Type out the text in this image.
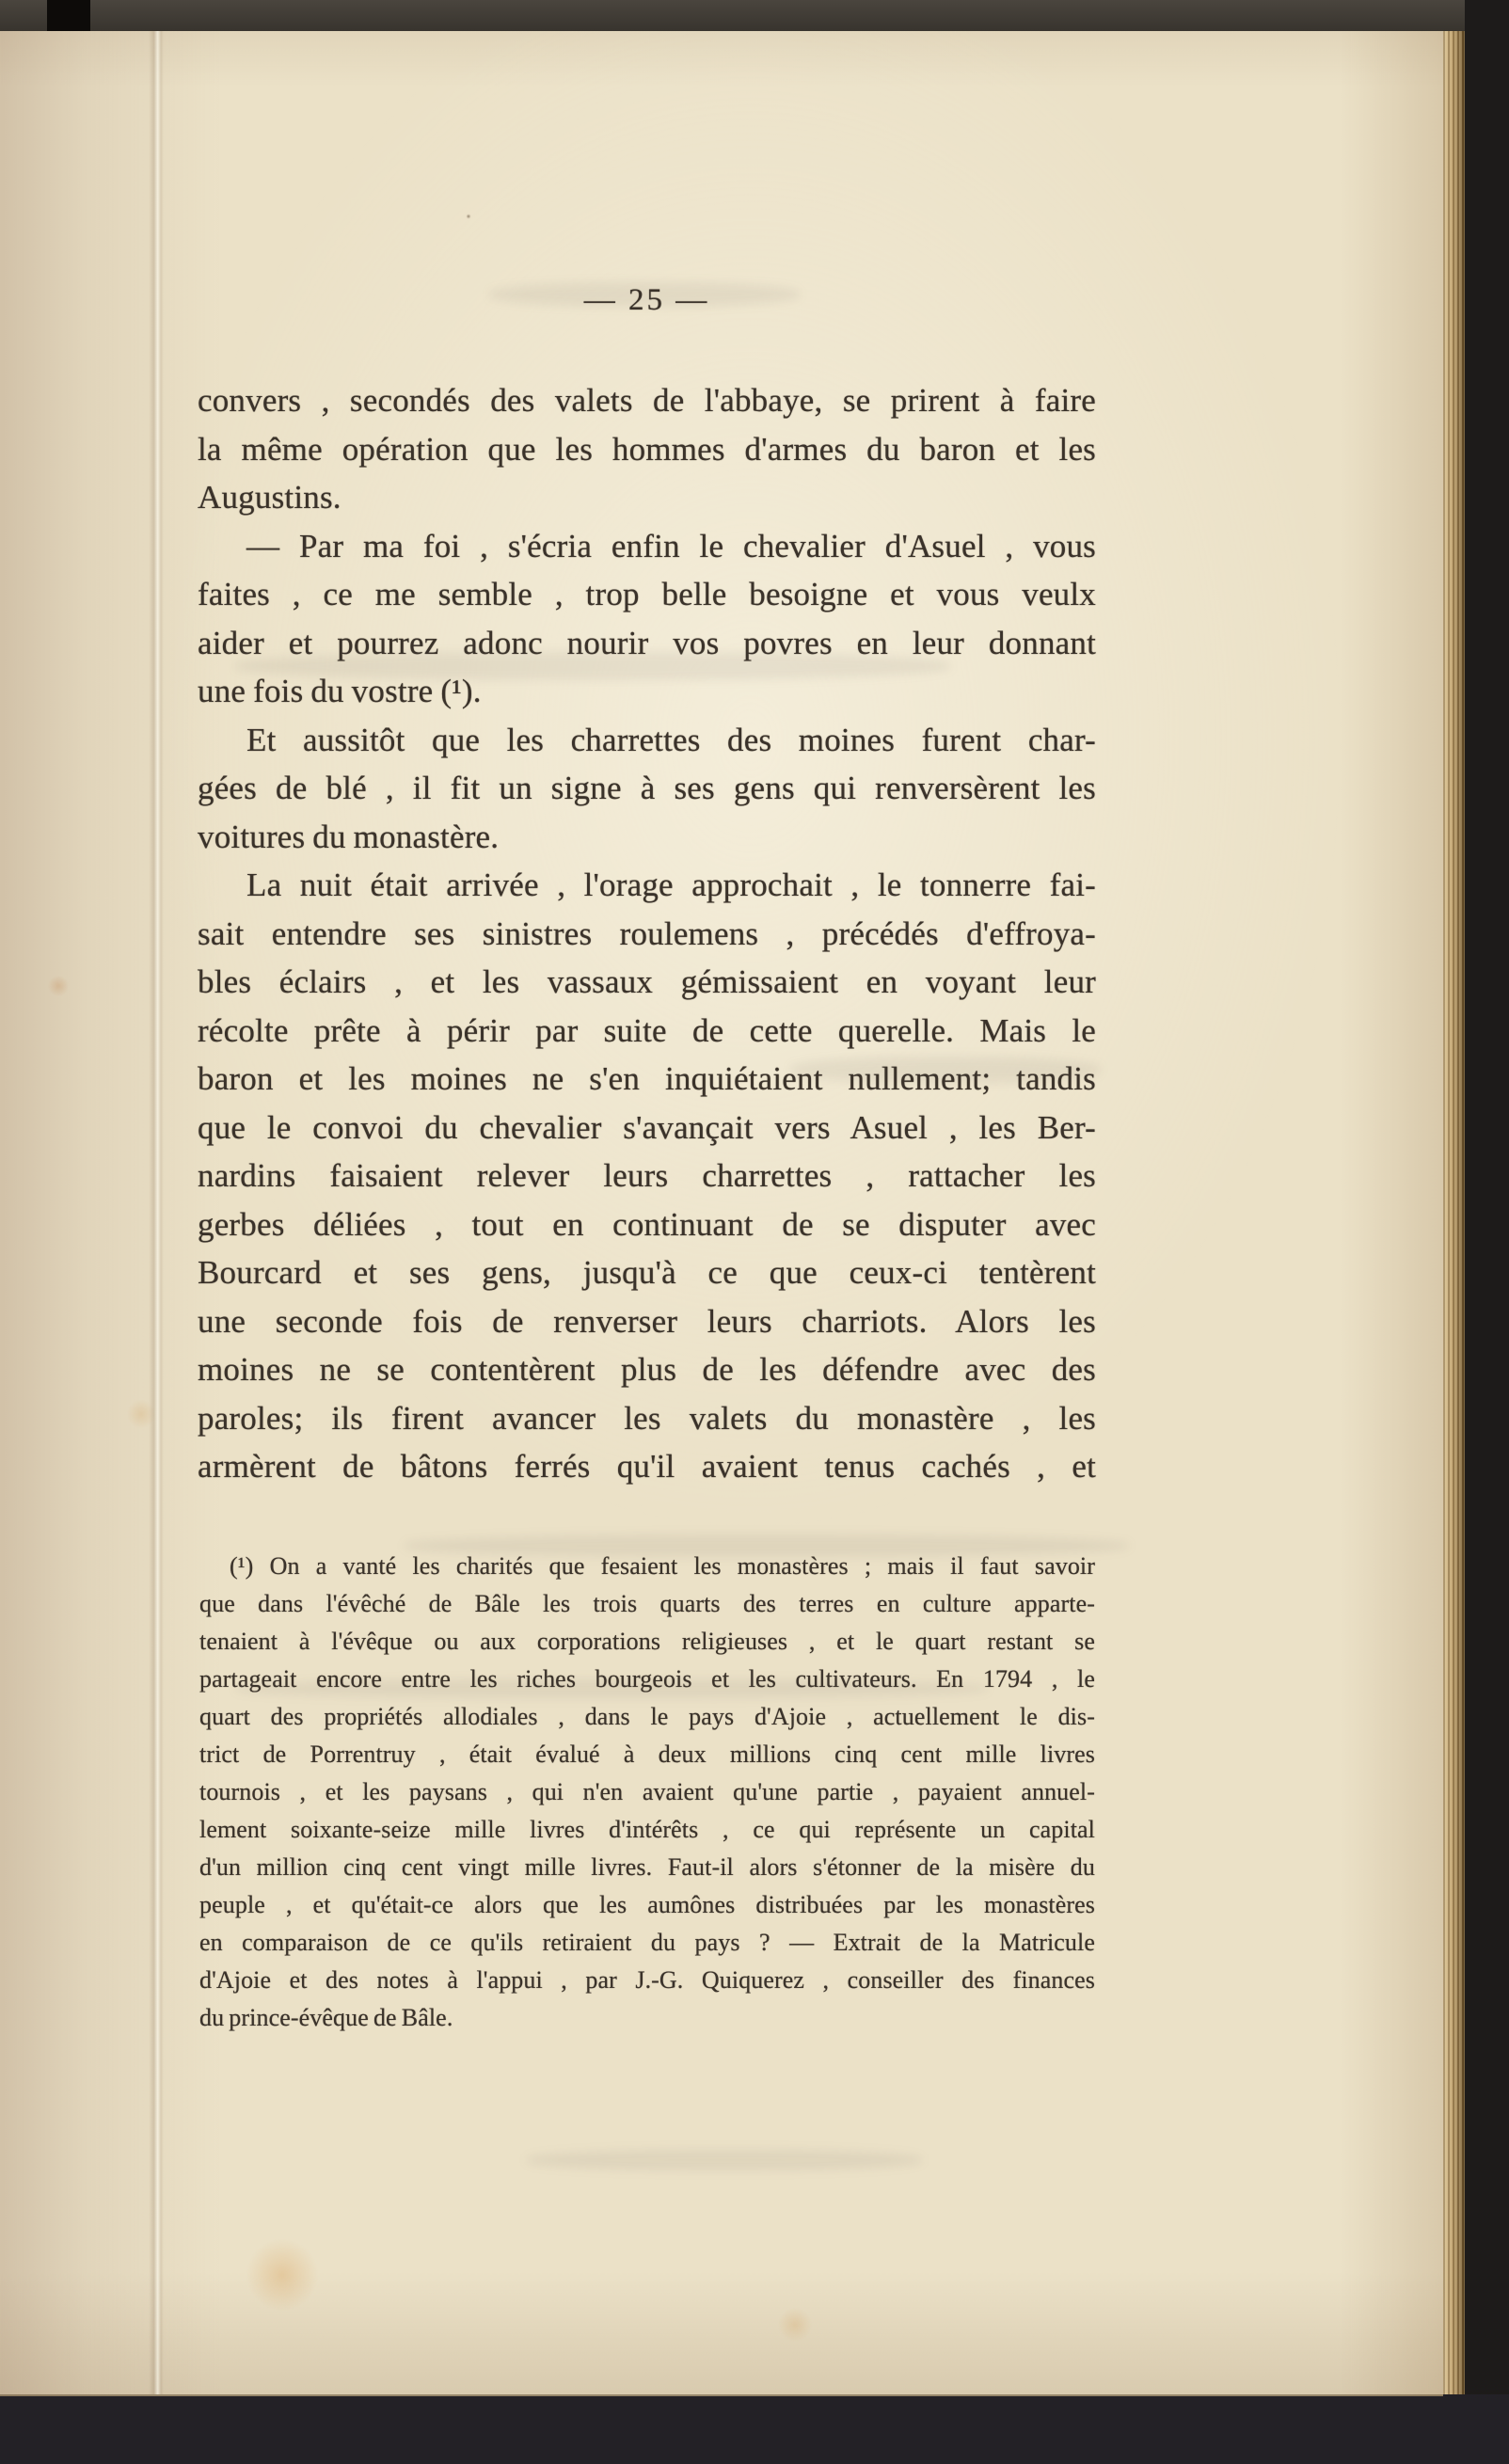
— 25 —
convers , secondés des valets de l'abbaye, se prirent à faire
la même opération que les hommes d'armes du baron et les
Augustins.
— Par ma foi , s'écria enfin le chevalier d'Asuel , vous
faites , ce me semble , trop belle besoigne et vous veulx
aider et pourrez adonc nourir vos povres en leur donnant
une fois du vostre (¹).
Et aussitôt que les charrettes des moines furent char-
gées de blé , il fit un signe à ses gens qui renversèrent les
voitures du monastère.
La nuit était arrivée , l'orage approchait , le tonnerre fai-
sait entendre ses sinistres roulemens , précédés d'effroya-
bles éclairs , et les vassaux gémissaient en voyant leur
récolte prête à périr par suite de cette querelle. Mais le
baron et les moines ne s'en inquiétaient nullement; tandis
que le convoi du chevalier s'avançait vers Asuel , les Ber-
nardins faisaient relever leurs charrettes , rattacher les
gerbes déliées , tout en continuant de se disputer avec
Bourcard et ses gens, jusqu'à ce que ceux-ci tentèrent
une seconde fois de renverser leurs charriots. Alors les
moines ne se contentèrent plus de les défendre avec des
paroles; ils firent avancer les valets du monastère , les
armèrent de bâtons ferrés qu'il avaient tenus cachés , et
(¹) On a vanté les charités que fesaient les monastères ; mais il faut savoir
que dans l'évêché de Bâle les trois quarts des terres en culture apparte-
tenaient à l'évêque ou aux corporations religieuses , et le quart restant se
partageait encore entre les riches bourgeois et les cultivateurs. En 1794 , le
quart des propriétés allodiales , dans le pays d'Ajoie , actuellement le dis-
trict de Porrentruy , était évalué à deux millions cinq cent mille livres
tournois , et les paysans , qui n'en avaient qu'une partie , payaient annuel-
lement soixante-seize mille livres d'intérêts , ce qui représente un capital
d'un million cinq cent vingt mille livres. Faut-il alors s'étonner de la misère du
peuple , et qu'était-ce alors que les aumônes distribuées par les monastères
en comparaison de ce qu'ils retiraient du pays ? — Extrait de la Matricule
d'Ajoie et des notes à l'appui , par J.-G. Quiquerez , conseiller des finances
du prince-évêque de Bâle.
